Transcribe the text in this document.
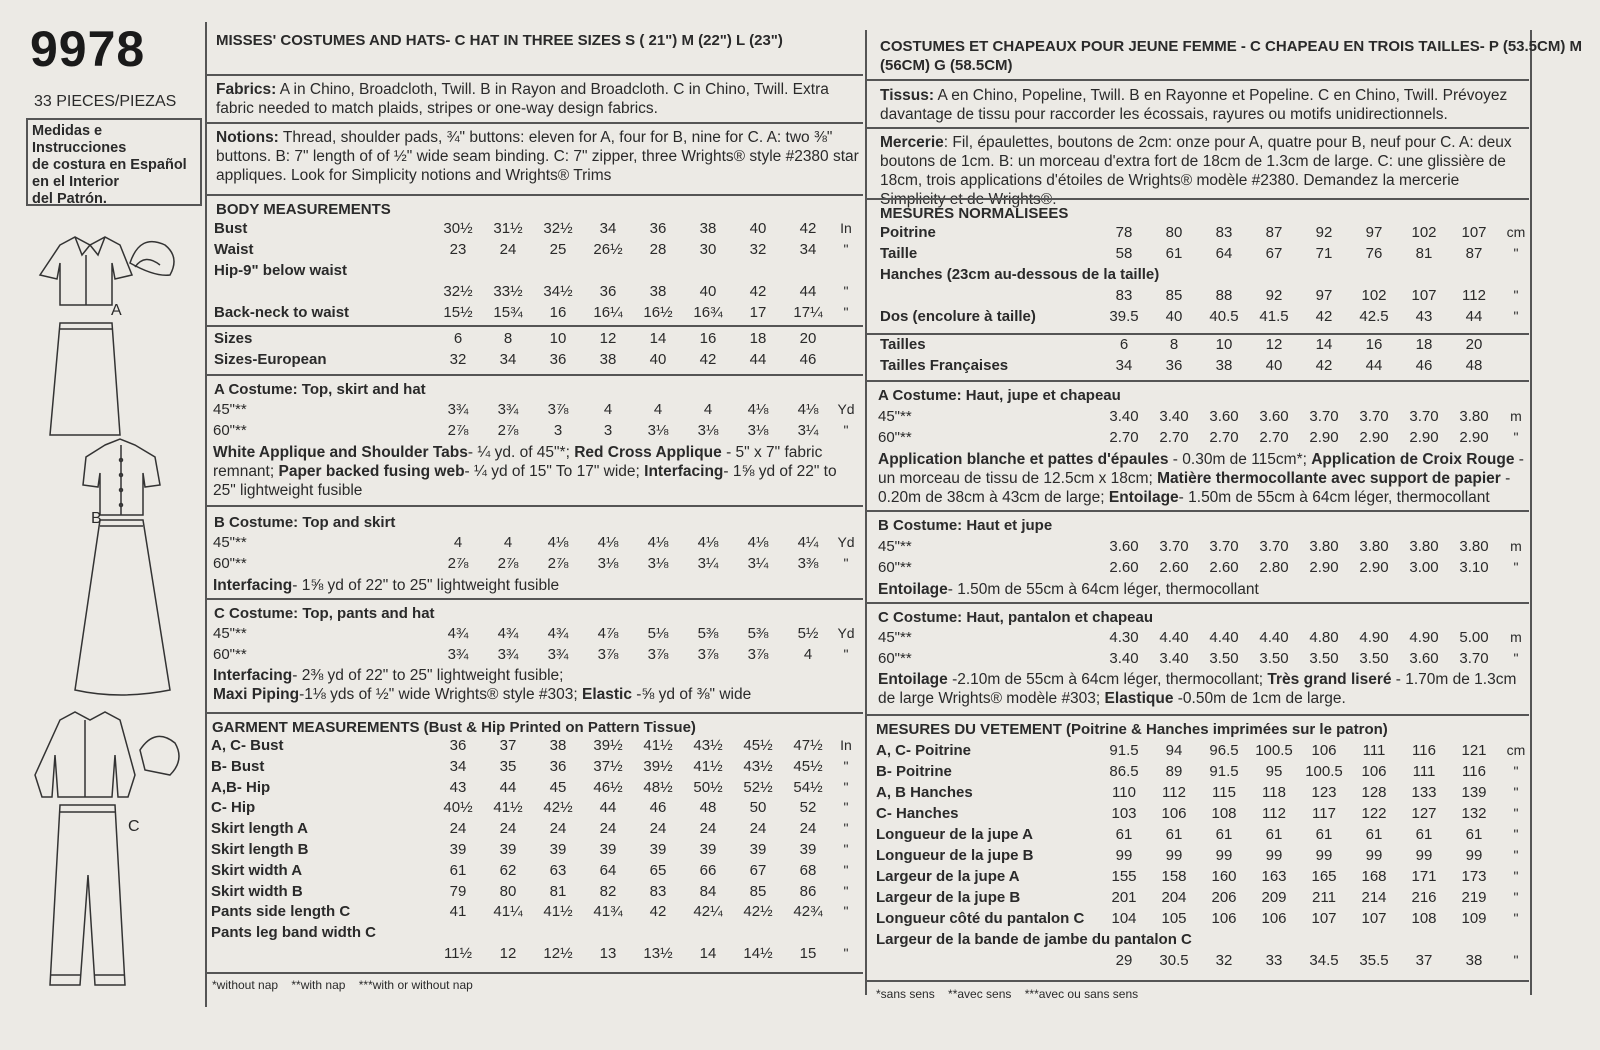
9978
33 PIECES/PIEZAS
Medidas e Instrucciones
de costura en Español
en el Interior
del Patrón.
A
B
C
MISSES' COSTUMES AND HATS- C HAT IN THREE SIZES S ( 21") M (22") L (23")
Fabrics: A in Chino, Broadcloth, Twill. B in Rayon and Broadcloth. C in Chino, Twill. Extra fabric needed to match plaids, stripes or one-way design fabrics.
Notions: Thread, shoulder pads, ¾" buttons: eleven for A, four for B, nine for C. A: two ⅜" buttons. B: 7" length of of ½" wide seam binding. C: 7" zipper, three Wrights® style #2380 star appliques. Look for Simplicity notions and Wrights® Trims
BODY MEASUREMENTS
A Costume: Top, skirt and hat
White Applique and Shoulder Tabs- ¼ yd. of 45"*; Red Cross Applique - 5" x 7" fabric remnant; Paper backed fusing web- ¼ yd of 15" To 17" wide; Interfacing- 1⅝ yd of 22" to 25" lightweight fusible
B Costume: Top and skirt
Interfacing- 1⅝ yd of 22" to 25" lightweight fusible
C Costume: Top, pants and hat
Interfacing- 2⅜ yd of 22" to 25" lightweight fusible;
Maxi Piping-1⅛ yds of ½" wide Wrights® style #303; Elastic -⅝ yd of ⅜" wide
GARMENT MEASUREMENTS (Bust & Hip Printed on Pattern Tissue)
*without nap    **with nap    ***with or without nap
COSTUMES ET CHAPEAUX POUR JEUNE FEMME - C CHAPEAU EN TROIS TAILLES- P (53.5CM) M
(56CM) G (58.5CM)
Tissus: A en Chino, Popeline, Twill. B en Rayonne et Popeline. C en Chino, Twill. Prévoyez davantage de tissu pour raccorder les écossais, rayures ou motifs unidirectionnels.
Mercerie: Fil, épaulettes, boutons de 2cm: onze pour A, quatre pour B, neuf pour C. A: deux boutons de 1cm. B: un morceau d'extra fort de 18cm de 1.3cm de large. C: une glissière de 18cm, trois applications d'étoiles de Wrights® modèle #2380. Demandez la mercerie
MESURES NORMALISEES
A Costume: Haut, jupe et chapeau
Application blanche et pattes d'épaules - 0.30m de 115cm*; Application de Croix Rouge - un morceau de tissu de 12.5cm x 18cm; Matière thermocollante avec support de papier - 0.20m de 38cm à 43cm de large; Entoilage- 1.50m de 55cm à 64cm léger, thermocollant
B Costume: Haut et jupe
Entoilage- 1.50m de 55cm à 64cm léger, thermocollant
C Costume: Haut, pantalon et chapeau
Entoilage -2.10m de 55cm à 64cm léger, thermocollant; Très grand liseré - 1.70m de 1.3cm de large Wrights® modèle #303; Elastique -0.50m de 1cm de large.
MESURES DU VETEMENT (Poitrine & Hanches imprimées sur le patron)
*sans sens    **avec sens    ***avec ou sans sens
Bust	30½	31½	32½	34	36	38	40	42	In
Waist	23	24	25	26½	28	30	32	34	"
Hip-9" below waist
32½	33½	34½	36	38	40	42	44	"
Back-neck to waist	15½	15¾	16	16¼	16½	16¾	17	17¼	"
Sizes	6	8	10	12	14	16	18	20
Sizes-European	32	34	36	38	40	42	44	46
45"**	3¾	3¾	3⅞	4	4	4	4⅛	4⅛	Yd
60"**	2⅞	2⅞	3	3	3⅛	3⅛	3⅛	3¼	"
45"**	4	4	4⅛	4⅛	4⅛	4⅛	4⅛	4¼	Yd
60"**	2⅞	2⅞	2⅞	3⅛	3⅛	3¼	3¼	3⅜	"
45"**	4¾	4¾	4¾	4⅞	5⅛	5⅜	5⅜	5½	Yd
60"**	3¾	3¾	3¾	3⅞	3⅞	3⅞	3⅞	4	"
A, C- Bust	36	37	38	39½	41½	43½	45½	47½	In
B- Bust	34	35	36	37½	39½	41½	43½	45½	"
A,B- Hip	43	44	45	46½	48½	50½	52½	54½	"
C- Hip	40½	41½	42½	44	46	48	50	52	"
Skirt length A	24	24	24	24	24	24	24	24	"
Skirt length B	39	39	39	39	39	39	39	39	"
Skirt width A	61	62	63	64	65	66	67	68	"
Skirt width B	79	80	81	82	83	84	85	86	"
Pants side length C	41	41¼	41½	41¾	42	42¼	42½	42¾	"
Pants leg band width C
11½	12	12½	13	13½	14	14½	15	"
Poitrine	78	80	83	87	92	97	102	107	cm
Taille	58	61	64	67	71	76	81	87	"
Hanches (23cm au-dessous de la taille)
83	85	88	92	97	102	107	112	"
Dos (encolure à taille)	39.5	40	40.5	41.5	42	42.5	43	44	"
Tailles	6	8	10	12	14	16	18	20
Tailles Françaises	34	36	38	40	42	44	46	48
45"**	3.40	3.40	3.60	3.60	3.70	3.70	3.70	3.80	m
60"**	2.70	2.70	2.70	2.70	2.90	2.90	2.90	2.90	"
45"**	3.60	3.70	3.70	3.70	3.80	3.80	3.80	3.80	m
60"**	2.60	2.60	2.60	2.80	2.90	2.90	3.00	3.10	"
45"**	4.30	4.40	4.40	4.40	4.80	4.90	4.90	5.00	m
60"**	3.40	3.40	3.50	3.50	3.50	3.50	3.60	3.70	"
A, C- Poitrine	91.5	94	96.5	100.5	106	111	116	121	cm
B- Poitrine	86.5	89	91.5	95	100.5	106	111	116	"
A, B Hanches	110	112	115	118	123	128	133	139	"
C- Hanches	103	106	108	112	117	122	127	132	"
Longueur de la jupe A	61	61	61	61	61	61	61	61	"
Longueur de la jupe B	99	99	99	99	99	99	99	99	"
Largeur de la jupe A	155	158	160	163	165	168	171	173	"
Largeur de la jupe B	201	204	206	209	211	214	216	219	"
Longueur côté du pantalon C	104	105	106	106	107	107	108	109	"
Largeur de la bande de jambe du pantalon C
29	30.5	32	33	34.5	35.5	37	38	"
